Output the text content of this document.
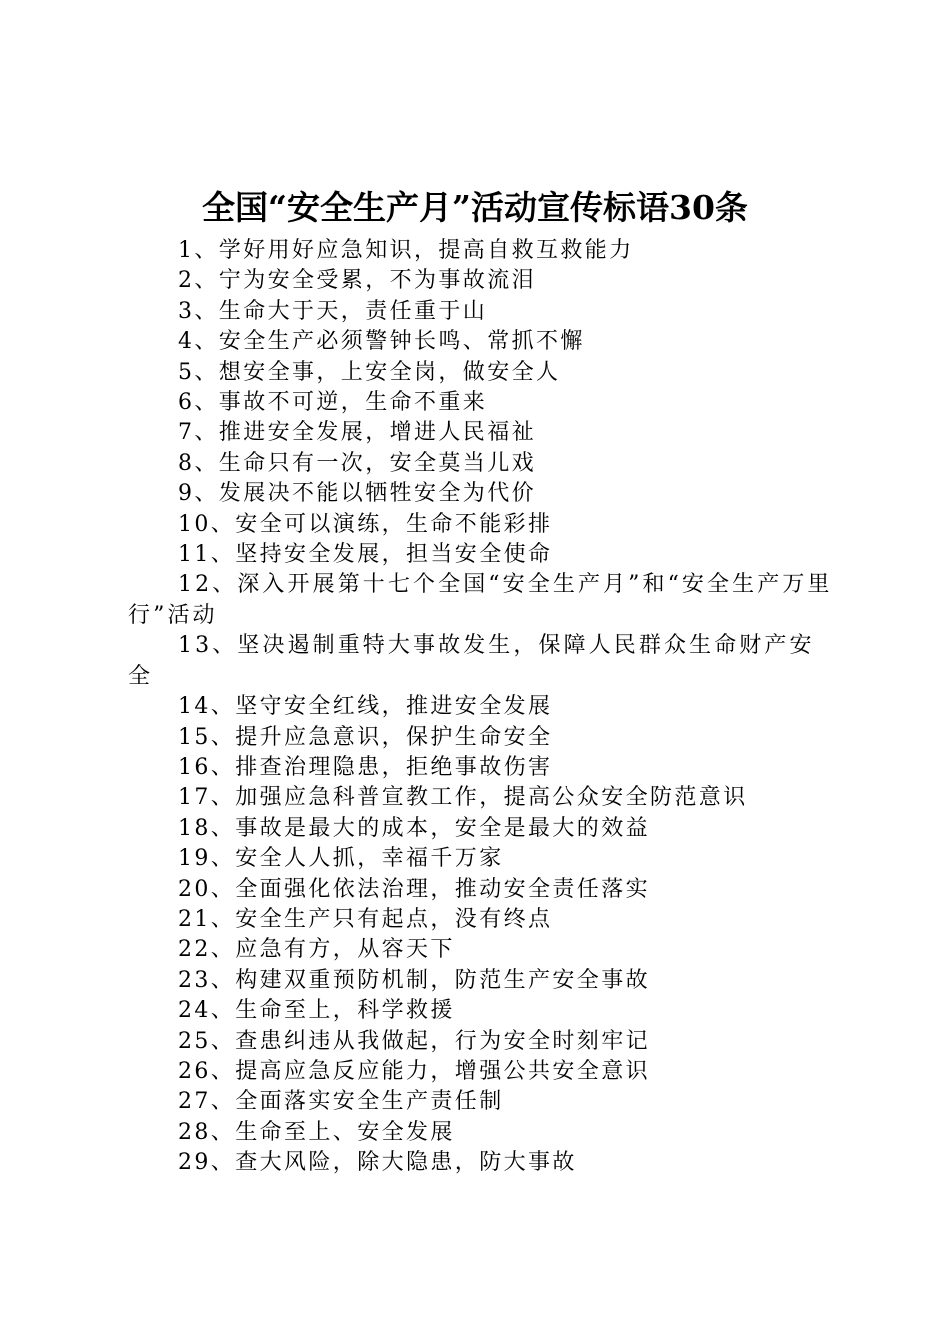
全国“安全生产月”活动宣传标语30条
1、学好用好应急知识，提高自救互救能力
2、宁为安全受累，不为事故流泪
3、生命大于天，责任重于山
4、安全生产必须警钟长鸣、常抓不懈
5、想安全事，上安全岗，做安全人
6、事故不可逆，生命不重来
7、推进安全发展，增进人民福祉
8、生命只有一次，安全莫当儿戏
9、发展决不能以牺牲安全为代价
10、安全可以演练，生命不能彩排
11、坚持安全发展，担当安全使命
12、深入开展第十七个全国“安全生产月”和“安全生产万里行”活动
13、坚决遏制重特大事故发生，保障人民群众生命财产安全
14、坚守安全红线，推进安全发展
15、提升应急意识，保护生命安全
16、排查治理隐患，拒绝事故伤害
17、加强应急科普宣教工作，提高公众安全防范意识
18、事故是最大的成本，安全是最大的效益
19、安全人人抓，幸福千万家
20、全面强化依法治理，推动安全责任落实
21、安全生产只有起点，没有终点
22、应急有方，从容天下
23、构建双重预防机制，防范生产安全事故
24、生命至上，科学救援
25、查患纠违从我做起，行为安全时刻牢记
26、提高应急反应能力，增强公共安全意识
27、全面落实安全生产责任制
28、生命至上、安全发展
29、查大风险，除大隐患，防大事故
